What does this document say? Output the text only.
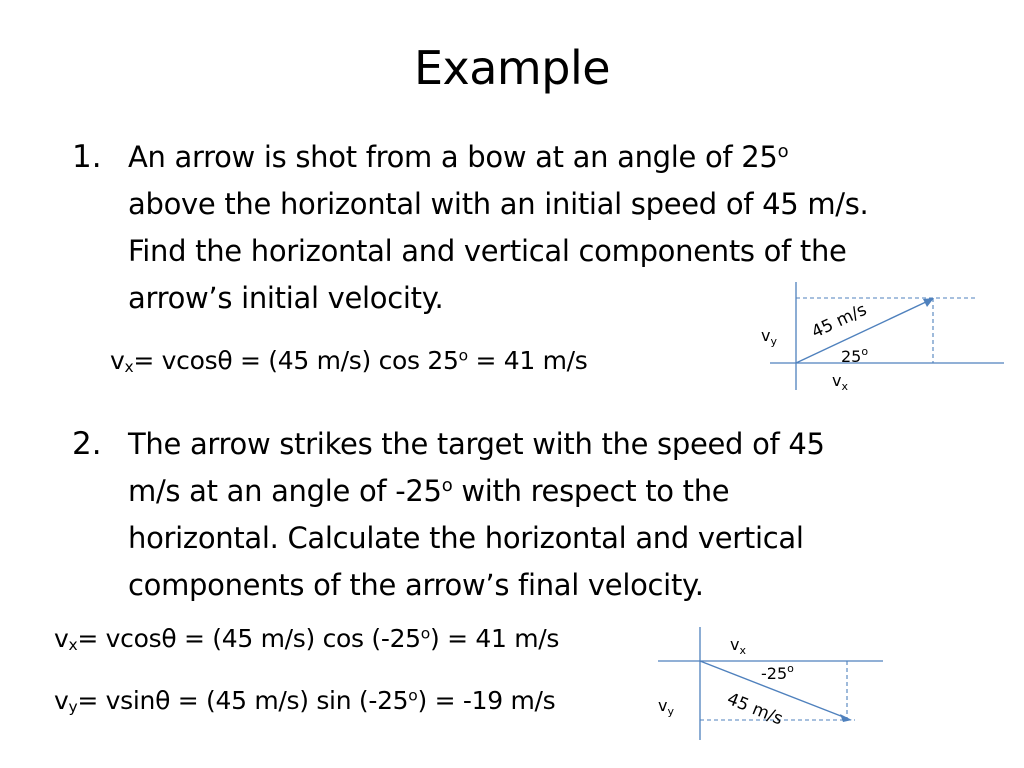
Example
1. An arrow is shot from a bow at an angle of 25$^o$
above the horizontal with an initial speed of 45 m/s.
Find the horizontal and vertical components of the
arrow’s initial velocity.
$v_x= vcos\theta = (45$ m/s) $\cos 25^o = 41$ m/s
45 m/s
$v_y$
25$^o$
$v_x$
2. The arrow strikes the target with the speed of 45
m/s at an angle of -25$^o$ with respect to the
horizontal. Calculate the horizontal and vertical
components of the arrow’s final velocity.
$v_x= vcos\theta = (45$ m/s) $\cos (-25^o) = 41$ m/s
$v_y= vsin\theta = (45$ m/s) $\sin (-25^o) = -19$ m/s
$v_x$
-25$^o$
$v_y$	45 m/s
